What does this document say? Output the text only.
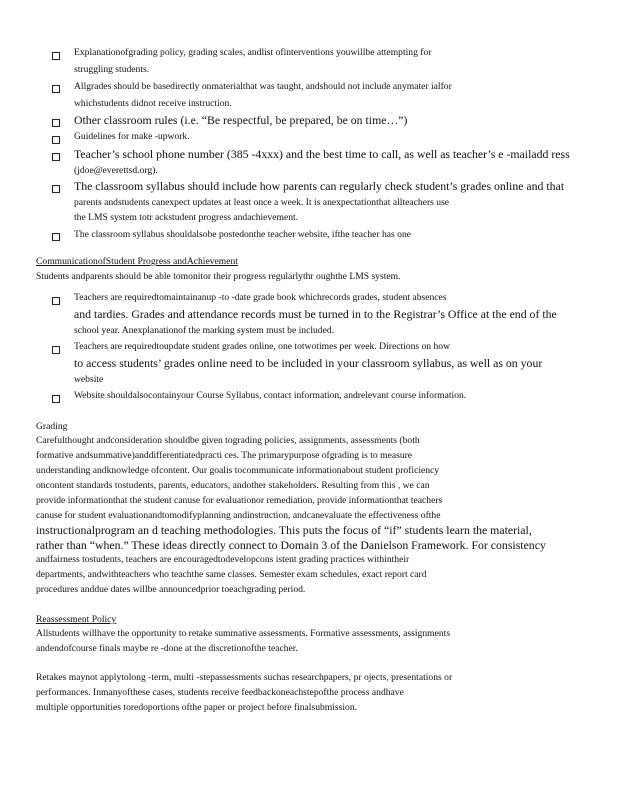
Explanationofgrading policy, grading scales, andlist ofinterventions youwillbe attempting for
struggling students.
Allgrades should be basedirectly onmaterialthat was taught, andshould not include anymater ialfor
whichstudents didnot receive instruction.
Other classroom rules (i.e. “Be respectful, be prepared, be on time…”)
Guidelines for make -upwork.
Teacher’s school phone number (385 -4xxx) and the best time to call, as well as teacher’s e -mailadd ress
(jdoe@everettsd.org).
The classroom syllabus should include how parents can regularly check student’s grades online and that
parents andstudents canexpect updates at least once a week. It is anexpectationthat allteachers use
the LMS system totr ackstudent progress andachievement.
The classroom syllabus shouldalsobe postedonthe teacher website, ifthe teacher has one
CommunicationofStudent Progress andAchievement
Students andparents should be able tomonitor their progress regularlythr oughthe LMS system.
Teachers are requiredtomaintainanup -to -date grade book whichrecords grades, student absences
and tardies. Grades and attendance records must be turned in to the Registrar’s Office at the end of the
school year. Anexplanationof the marking system must be included.
Teachers are requiredtoupdate student grades online, one totwotimes per week. Directions on how
to access students’ grades online need to be included in your classroom syllabus, as well as on your
website
Website shouldalsocontainyour Course Syllabus, contact information, andrelevant course information.
Grading
Carefulthought andconsideration shouldbe given tograding policies, assignments, assessments (both
formative andsummative)anddifferentiatedpracti ces. The primarypurpose ofgrading is to measure
understanding andknowledge ofcontent. Our goalis tocommunicate informationabout student proficiency
oncontent standards tostudents, parents, educators, andother stakeholders. Resulting from this , we can
provide informationthat the student canuse for evaluationor remediation, provide informationthat teachers
canuse for student evaluationandtomodifyplanning andinstruction, andcanevaluate the effectiveness ofthe
instructionalprogram an d teaching methodologies. This puts the focus of “if” students learn the material,
rather than “when.” These ideas directly connect to Domain 3 of the Danielson Framework. For consistency
andfairness tostudents, teachers are encouragedtodevelopcons istent grading practices withintheir
departments, andwithteachers who teachthe same classes. Semester exam schedules, exact report card
procedures anddue dates willbe announcedprior toeachgrading period.
Reassessment Policy
Allstudents willhave the opportunity to retake summative assessments. Formative assessments, assignments
andendofcourse finals maybe re -done at the discretionofthe teacher.
Retakes maynot applytolong -term, multi -stepassessments suchas researchpapers, pr ojects, presentations or
performances. Inmanyofthese cases, students receive feedbackoneachstepofthe process andhave
multiple opportunities toredoportions ofthe paper or project before finalsubmission.
